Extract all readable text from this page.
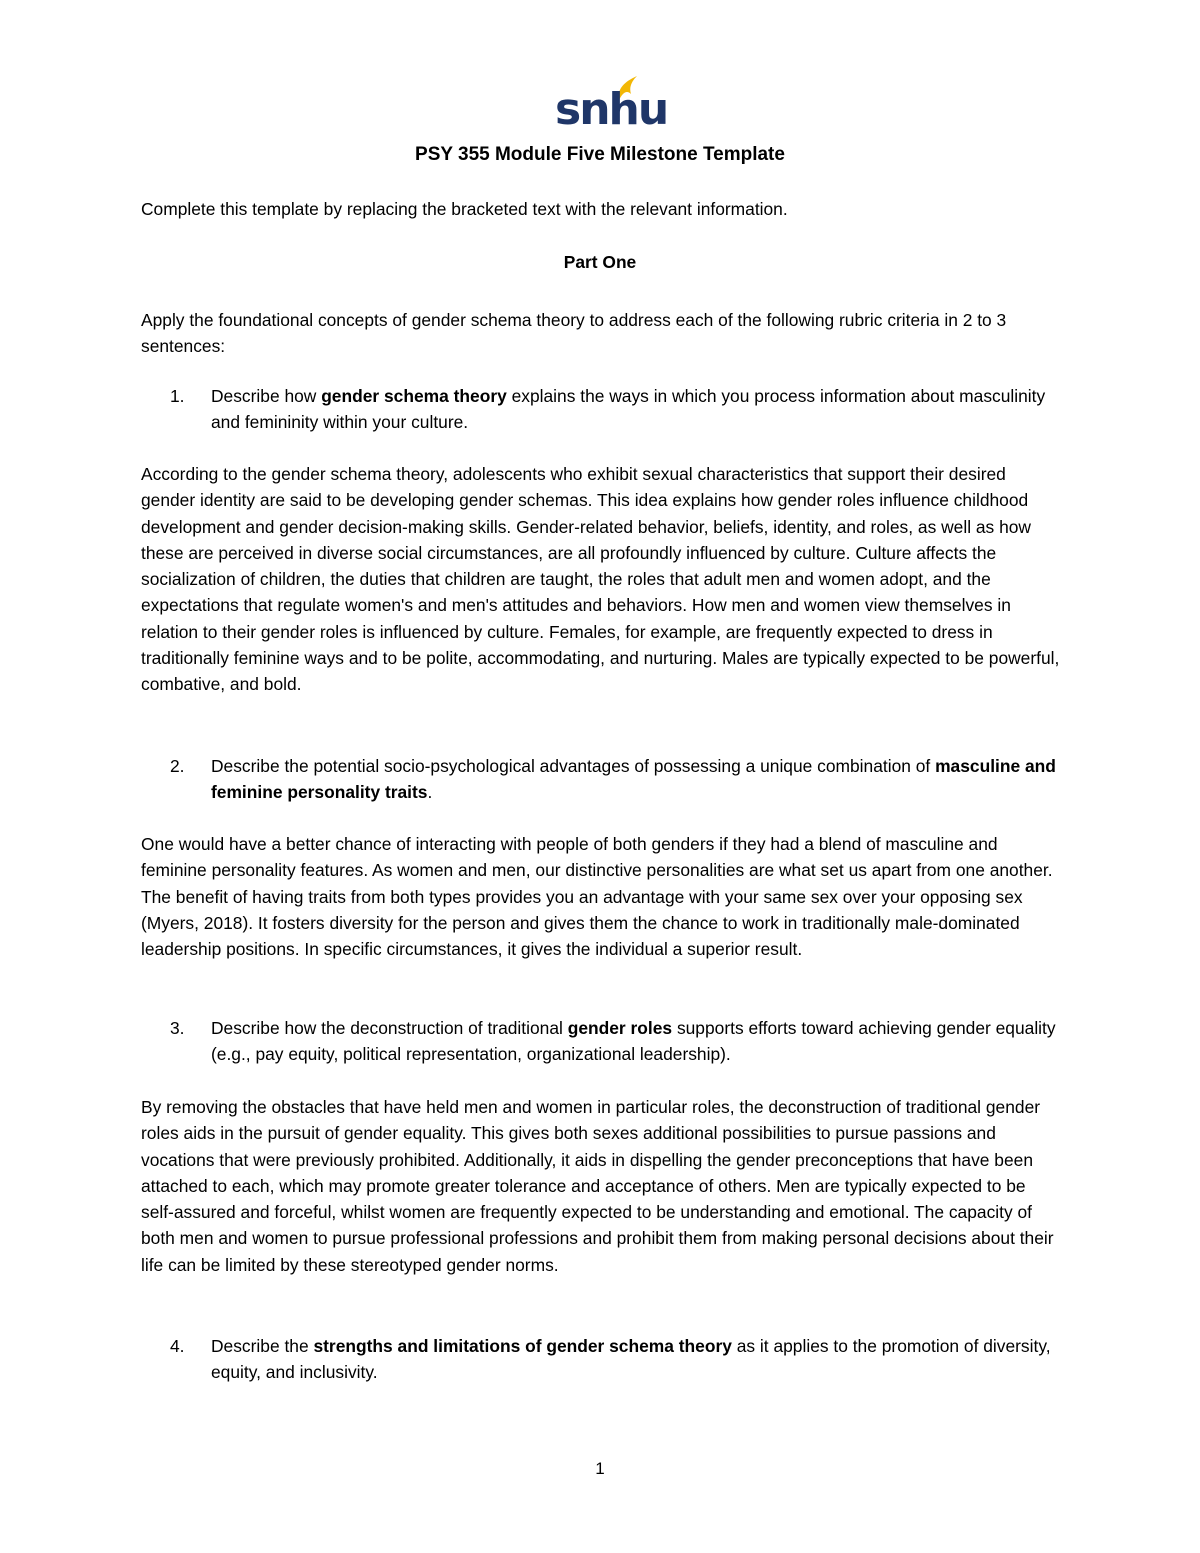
snhu
PSY 355 Module Five Milestone Template
Complete this template by replacing the bracketed text with the relevant information.
Part One

Apply the foundational concepts of gender schema theory to address each of the following rubric criteria in 2 to 3 sentences:

1. Describe how gender schema theory explains the ways in which you process information about masculinity and femininity within your culture.

According to the gender schema theory, adolescents who exhibit sexual characteristics that support their desired gender identity are said to be developing gender schemas. This idea explains how gender roles influence childhood development and gender decision-making skills. Gender-related behavior, beliefs, identity, and roles, as well as how these are perceived in diverse social circumstances, are all profoundly influenced by culture. Culture affects the socialization of children, the duties that children are taught, the roles that adult men and women adopt, and the expectations that regulate women's and men's attitudes and behaviors. How men and women view themselves in relation to their gender roles is influenced by culture. Females, for example, are frequently expected to dress in traditionally feminine ways and to be polite, accommodating, and nurturing. Males are typically expected to be powerful, combative, and bold.

2. Describe the potential socio-psychological advantages of possessing a unique combination of masculine and feminine personality traits.

One would have a better chance of interacting with people of both genders if they had a blend of masculine and feminine personality features. As women and men, our distinctive personalities are what set us apart from one another. The benefit of having traits from both types provides you an advantage with your same sex over your opposing sex (Myers, 2018). It fosters diversity for the person and gives them the chance to work in traditionally male-dominated leadership positions. In specific circumstances, it gives the individual a superior result.

3. Describe how the deconstruction of traditional gender roles supports efforts toward achieving gender equality (e.g., pay equity, political representation, organizational leadership).

By removing the obstacles that have held men and women in particular roles, the deconstruction of traditional gender roles aids in the pursuit of gender equality. This gives both sexes additional possibilities to pursue passions and vocations that were previously prohibited. Additionally, it aids in dispelling the gender preconceptions that have been attached to each, which may promote greater tolerance and acceptance of others. Men are typically expected to be self-assured and forceful, whilst women are frequently expected to be understanding and emotional. The capacity of both men and women to pursue professional professions and prohibit them from making personal decisions about their life can be limited by these stereotyped gender norms.

4. Describe the strengths and limitations of gender schema theory as it applies to the promotion of diversity, equity, and inclusivity.
1
